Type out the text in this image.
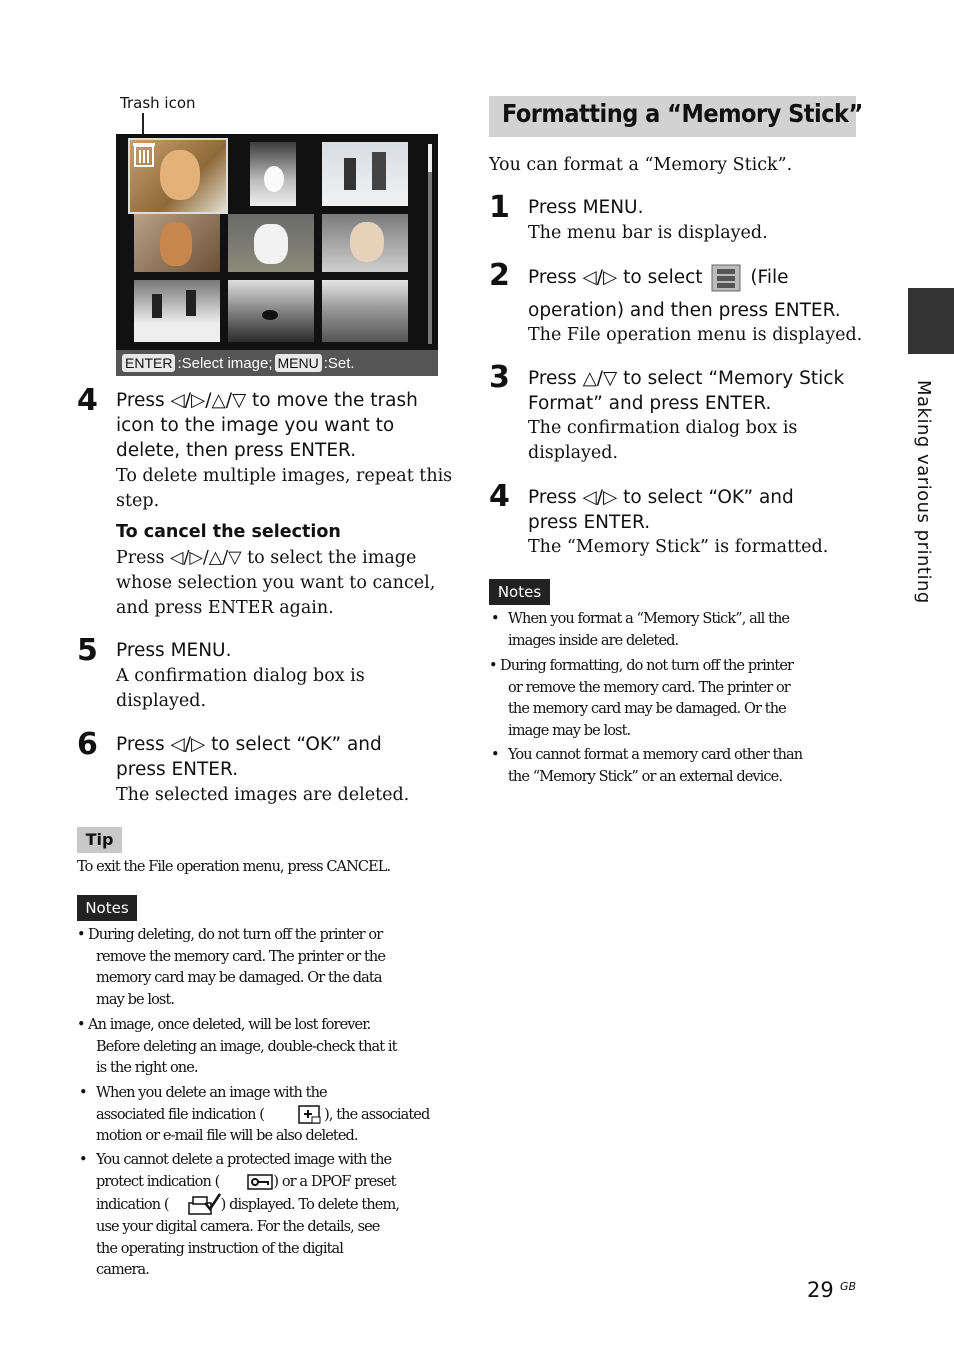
Trash icon
ENTER :Select image; MENU :Set.
4 Press ◁/▷/△/▽ to move the trash
icon to the image you want to
delete, then press ENTER.
To delete multiple images, repeat this
step.
To cancel the selection
Press ◁/▷/△/▽ to select the image
whose selection you want to cancel,
and press ENTER again.
5 Press MENU.
A confirmation dialog box is
displayed.
6 Press ◁/▷ to select “OK” and
press ENTER.
The selected images are deleted.
Tip
To exit the File operation menu, press CANCEL.
Notes
• During deleting, do not turn off the printer or
remove the memory card. The printer or the
memory card may be damaged. Or the data
may be lost.
• An image, once deleted, will be lost forever.
Before deleting an image, double-check that it
is the right one.
• When you delete an image with the
associated file indication (	), the associated
motion or e-mail file will be also deleted.
• You cannot delete a protected image with the
protect indication (	) or a DPOF preset
indication (	) displayed. To delete them,
use your digital camera. For the details, see
the operating instruction of the digital
camera.
Formatting a “Memory Stick”
You can format a “Memory Stick”.
1 Press MENU.
The menu bar is displayed.
2 Press ◁/▷ to select	(File
operation) and then press ENTER.
The File operation menu is displayed.
3 Press △/▽ to select “Memory Stick
Format” and press ENTER.
The confirmation dialog box is
displayed.
4 Press ◁/▷ to select “OK” and
press ENTER.
The “Memory Stick” is formatted.
Notes
• When you format a “Memory Stick”, all the
images inside are deleted.
• During formatting, do not turn off the printer
or remove the memory card. The printer or
the memory card may be damaged. Or the
image may be lost.
• You cannot format a memory card other than
the “Memory Stick” or an external device.
Making various printing
29 GB
